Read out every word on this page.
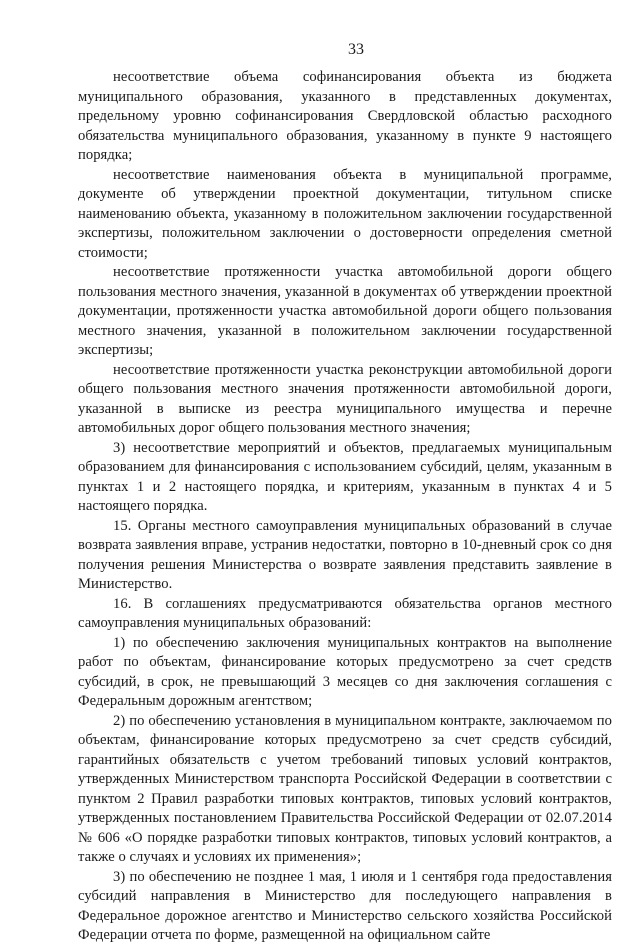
33

несоответствие объема софинансирования объекта из бюджета муниципального образования, указанного в представленных документах, предельному уровню софинансирования Свердловской областью расходного обязательства муниципального образования, указанному в пункте 9 настоящего порядка;

несоответствие наименования объекта в муниципальной программе, документе об утверждении проектной документации, титульном списке наименованию объекта, указанному в положительном заключении государственной экспертизы, положительном заключении о достоверности определения сметной стоимости;

несоответствие протяженности участка автомобильной дороги общего пользования местного значения, указанной в документах об утверждении проектной документации, протяженности участка автомобильной дороги общего пользования местного значения, указанной в положительном заключении государственной экспертизы;

несоответствие протяженности участка реконструкции автомобильной дороги общего пользования местного значения протяженности автомобильной дороги, указанной в выписке из реестра муниципального имущества и перечне автомобильных дорог общего пользования местного значения;

3) несоответствие мероприятий и объектов, предлагаемых муниципальным образованием для финансирования с использованием субсидий, целям, указанным в пунктах 1 и 2 настоящего порядка, и критериям, указанным в пунктах 4 и 5 настоящего порядка.

15. Органы местного самоуправления муниципальных образований в случае возврата заявления вправе, устранив недостатки, повторно в 10-дневный срок со дня получения решения Министерства о возврате заявления представить заявление в Министерство.

16. В соглашениях предусматриваются обязательства органов местного самоуправления муниципальных образований:

1) по обеспечению заключения муниципальных контрактов на выполнение работ по объектам, финансирование которых предусмотрено за счет средств субсидий, в срок, не превышающий 3 месяцев со дня заключения соглашения с Федеральным дорожным агентством;

2) по обеспечению установления в муниципальном контракте, заключаемом по объектам, финансирование которых предусмотрено за счет средств субсидий, гарантийных обязательств с учетом требований типовых условий контрактов, утвержденных Министерством транспорта Российской Федерации в соответствии с пунктом 2 Правил разработки типовых контрактов, типовых условий контрактов, утвержденных постановлением Правительства Российской Федерации от 02.07.2014 № 606 «О порядке разработки типовых контрактов, типовых условий контрактов, а также о случаях и условиях их применения»;

3) по обеспечению не позднее 1 мая, 1 июля и 1 сентября года предоставления субсидий направления в Министерство для последующего направления в Федеральное дорожное агентство и Министерство сельского хозяйства Российской Федерации отчета по форме, размещенной на официальном сайте
